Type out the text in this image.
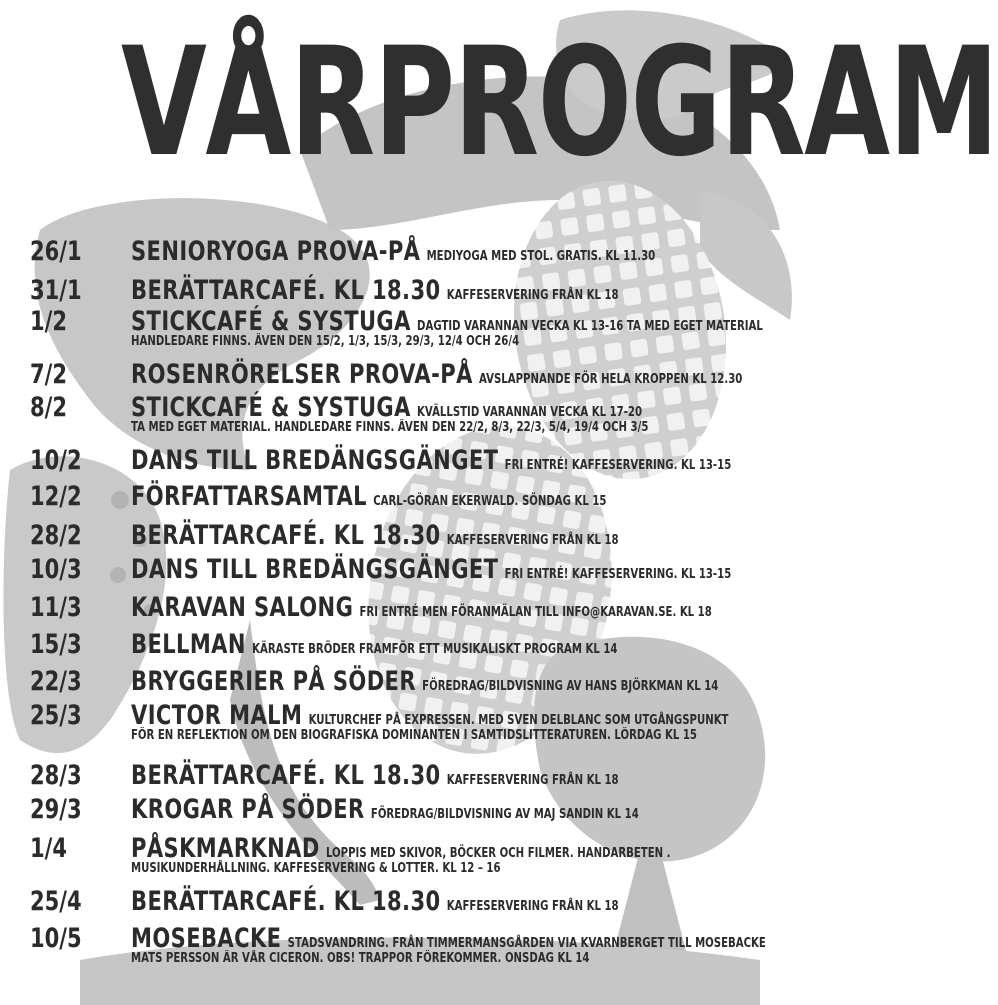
VÅRPROGRAM
26/1	SENIORYOGA PROVA-PÅ MEDIYOGA MED STOL. GRATIS. KL 11.30
31/1	BERÄTTARCAFÉ. KL 18.30 KAFFESERVERING FRÅN KL 18
1/2	STICKCAFÉ & SYSTUGA DAGTID VARANNAN VECKA KL 13-16 TA MED EGET MATERIAL
HANDLEDARE FINNS. ÄVEN DEN 15/2, 1/3, 15/3, 29/3, 12/4 OCH 26/4
7/2	ROSENRÖRELSER PROVA-PÅ AVSLAPPNANDE FÖR HELA KROPPEN KL 12.30
8/2	STICKCAFÉ & SYSTUGA KVÄLLSTID VARANNAN VECKA KL 17-20
TA MED EGET MATERIAL. HANDLEDARE FINNS. ÄVEN DEN 22/2, 8/3, 22/3, 5/4, 19/4 OCH 3/5
10/2	DANS TILL BREDÄNGSGÄNGET FRI ENTRÉ! KAFFESERVERING. KL 13-15
12/2	FÖRFATTARSAMTAL CARL-GÖRAN EKERWALD. SÖNDAG KL 15
28/2	BERÄTTARCAFÉ. KL 18.30 KAFFESERVERING FRÅN KL 18
10/3	DANS TILL BREDÄNGSGÄNGET FRI ENTRÉ! KAFFESERVERING. KL 13-15
11/3	KARAVAN SALONG FRI ENTRÉ MEN FÖRANMÄLAN TILL INFO@KARAVAN.SE. KL 18
15/3	BELLMAN KÄRASTE BRÖDER FRAMFÖR ETT MUSIKALISKT PROGRAM KL 14
22/3	BRYGGERIER PÅ SÖDER FÖREDRAG/BILDVISNING AV HANS BJÖRKMAN KL 14
25/3	VICTOR MALM KULTURCHEF PÅ EXPRESSEN. MED SVEN DELBLANC SOM UTGÅNGSPUNKT
FÖR EN REFLEKTION OM DEN BIOGRAFISKA DOMINANTEN I SAMTIDSLITTERATUREN. LÖRDAG KL 15
28/3	BERÄTTARCAFÉ. KL 18.30 KAFFESERVERING FRÅN KL 18
29/3	KROGAR PÅ SÖDER FÖREDRAG/BILDVISNING AV MAJ SANDIN KL 14
1/4	PÅSKMARKNAD LOPPIS MED SKIVOR, BÖCKER OCH FILMER. HANDARBETEN .
MUSIKUNDERHÅLLNING. KAFFESERVERING & LOTTER. KL 12 – 16
25/4	BERÄTTARCAFÉ. KL 18.30 KAFFESERVERING FRÅN KL 18
10/5	MOSEBACKE STADSVANDRING. FRÅN TIMMERMANSGÅRDEN VIA KVARNBERGET TILL MOSEBACKE
MATS PERSSON ÄR VÅR CICERON. OBS! TRAPPOR FÖREKOMMER. ONSDAG KL 14
